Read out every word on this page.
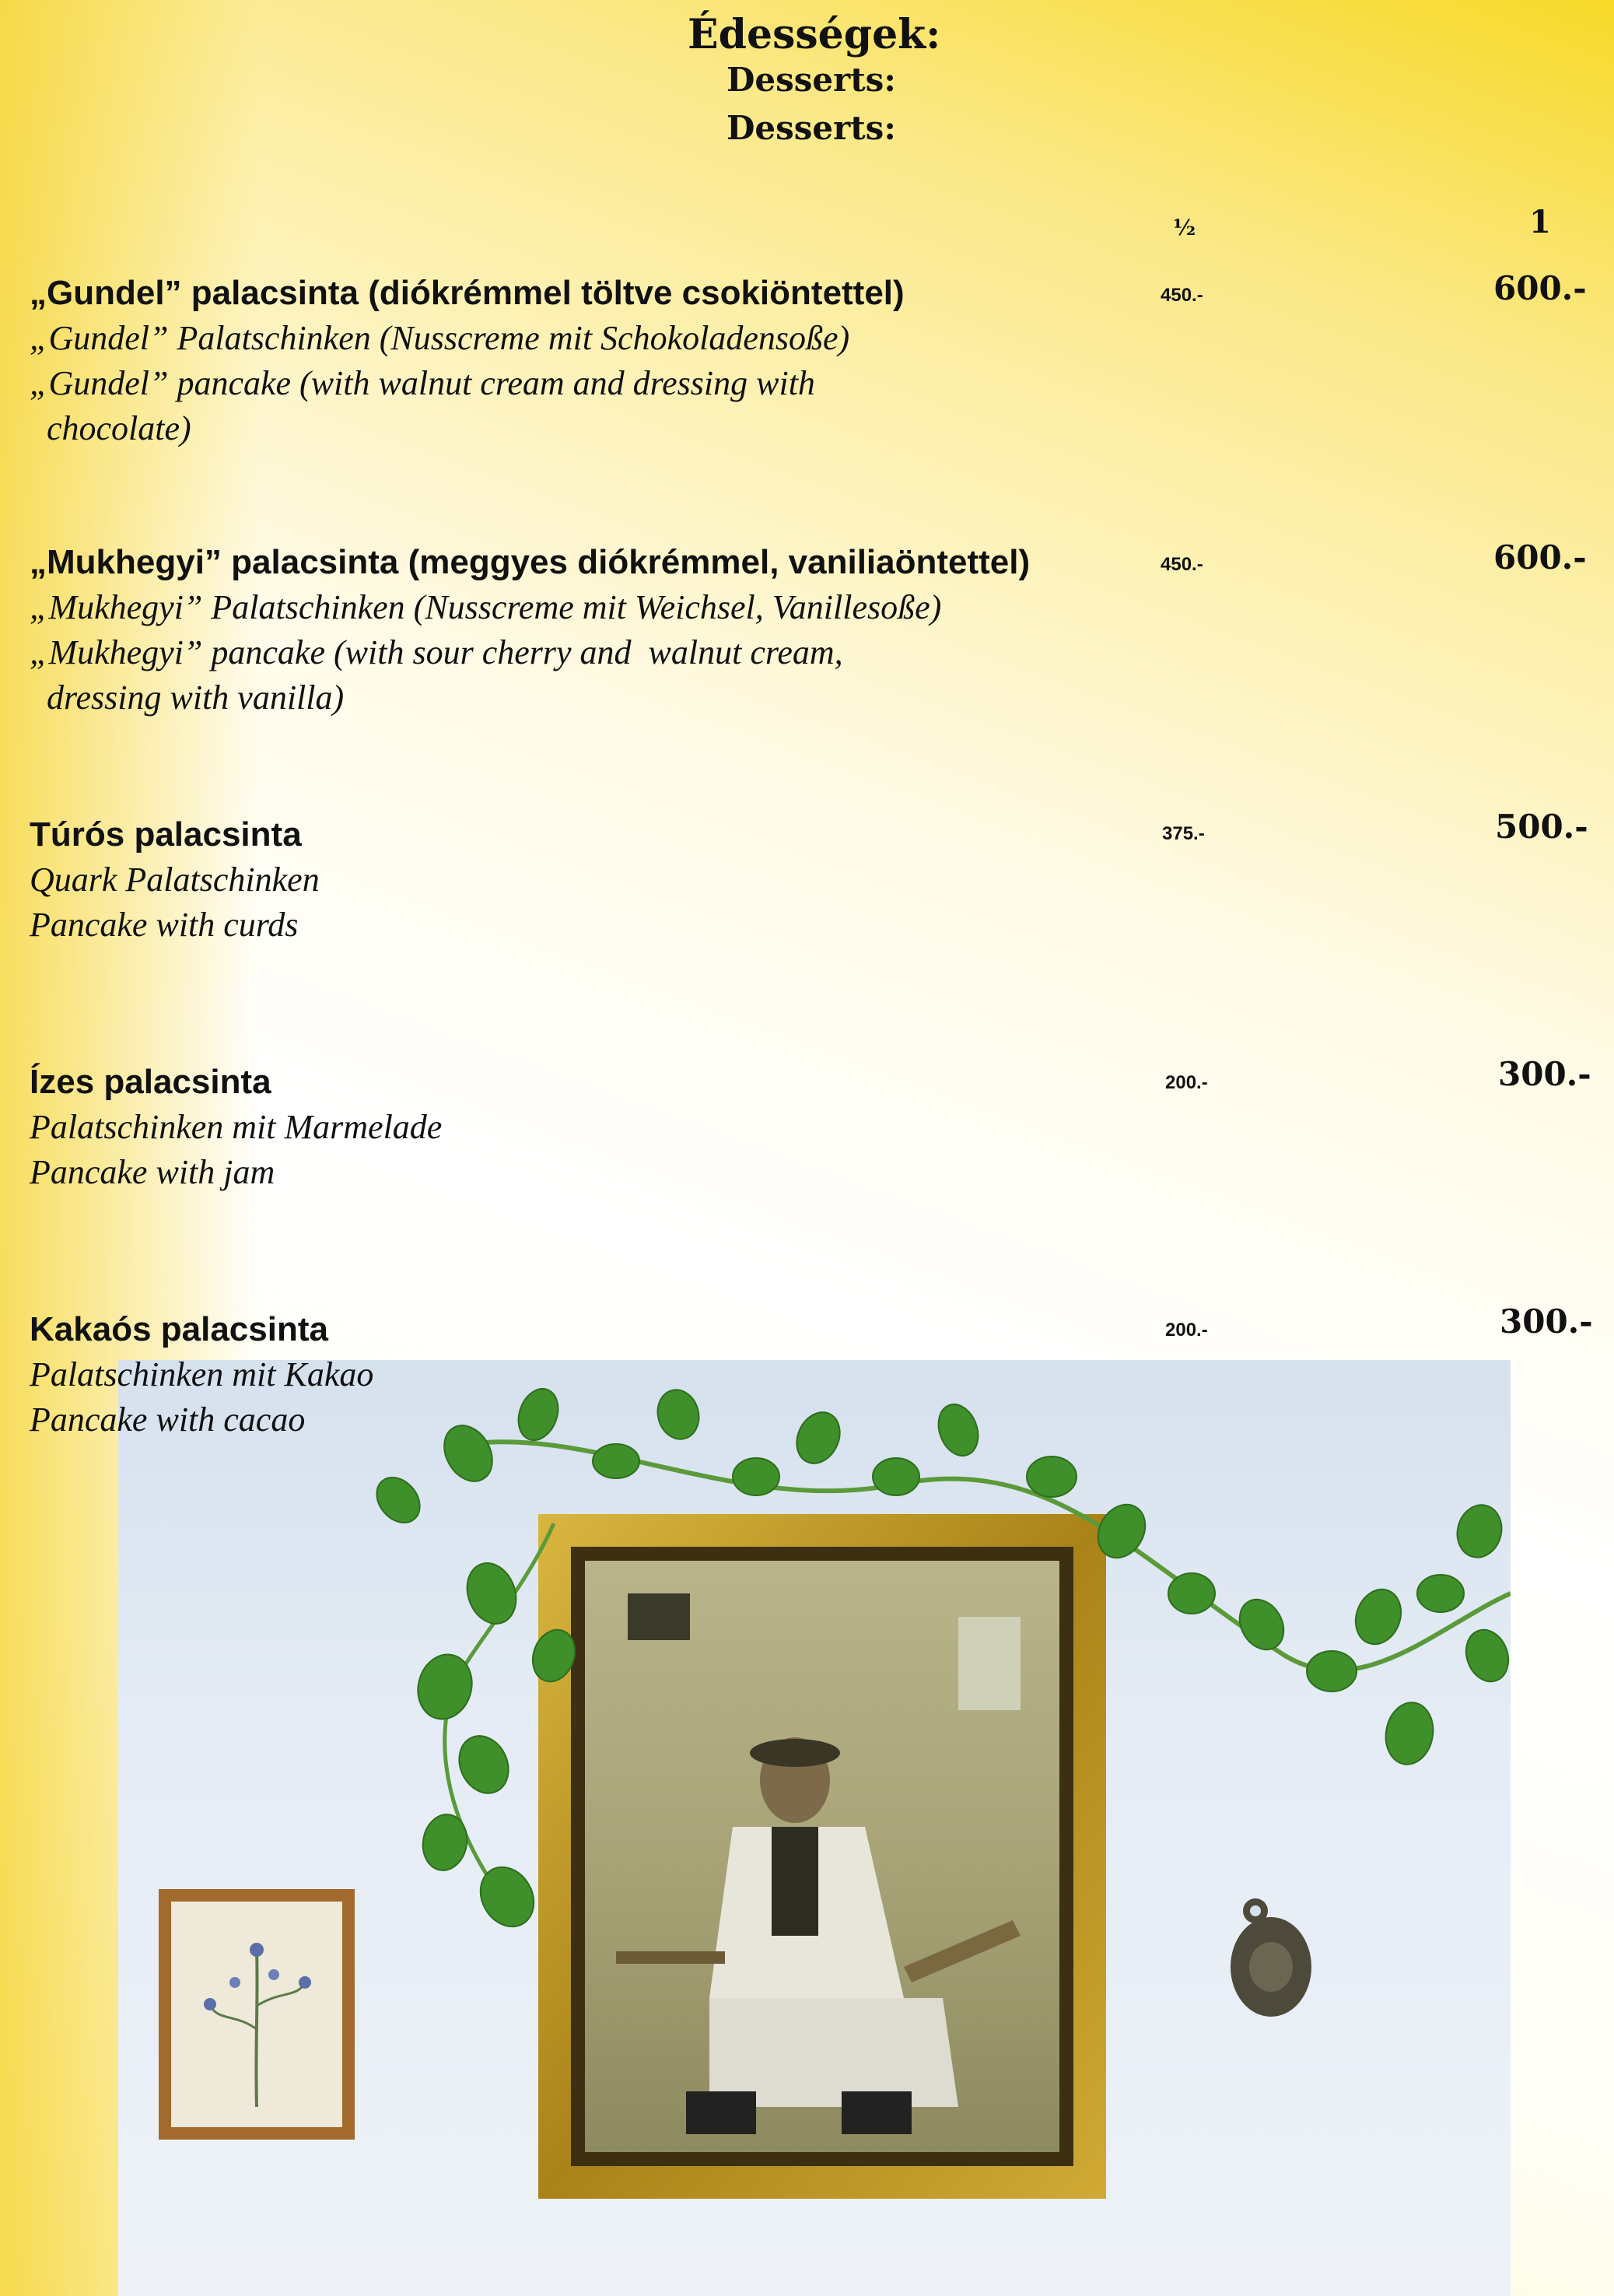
Édességek:
Desserts:
Desserts:
½	1
„Gundel” palacsinta (diókrémmel töltve csokiöntettel)
„Gundel” Palatschinken (Nusscreme mit Schokoladensoße)
„Gundel” pancake (with walnut cream and dressing with
chocolate)
450.-	600.-
„Mukhegyi” palacsinta (meggyes diókrémmel, vaniliaöntettel)
„Mukhegyi” Palatschinken (Nusscreme mit Weichsel, Vanillesoße)
„Mukhegyi” pancake (with sour cherry and  walnut cream,
dressing with vanilla)
450.-	600.-
Túrós palacsinta
Quark Palatschinken
Pancake with curds
375.-	500.-
Ízes palacsinta
Palatschinken mit Marmelade
Pancake with jam
200.-	300.-
Kakaós palacsinta
Palatschinken mit Kakao
Pancake with cacao
200.-	300.-
